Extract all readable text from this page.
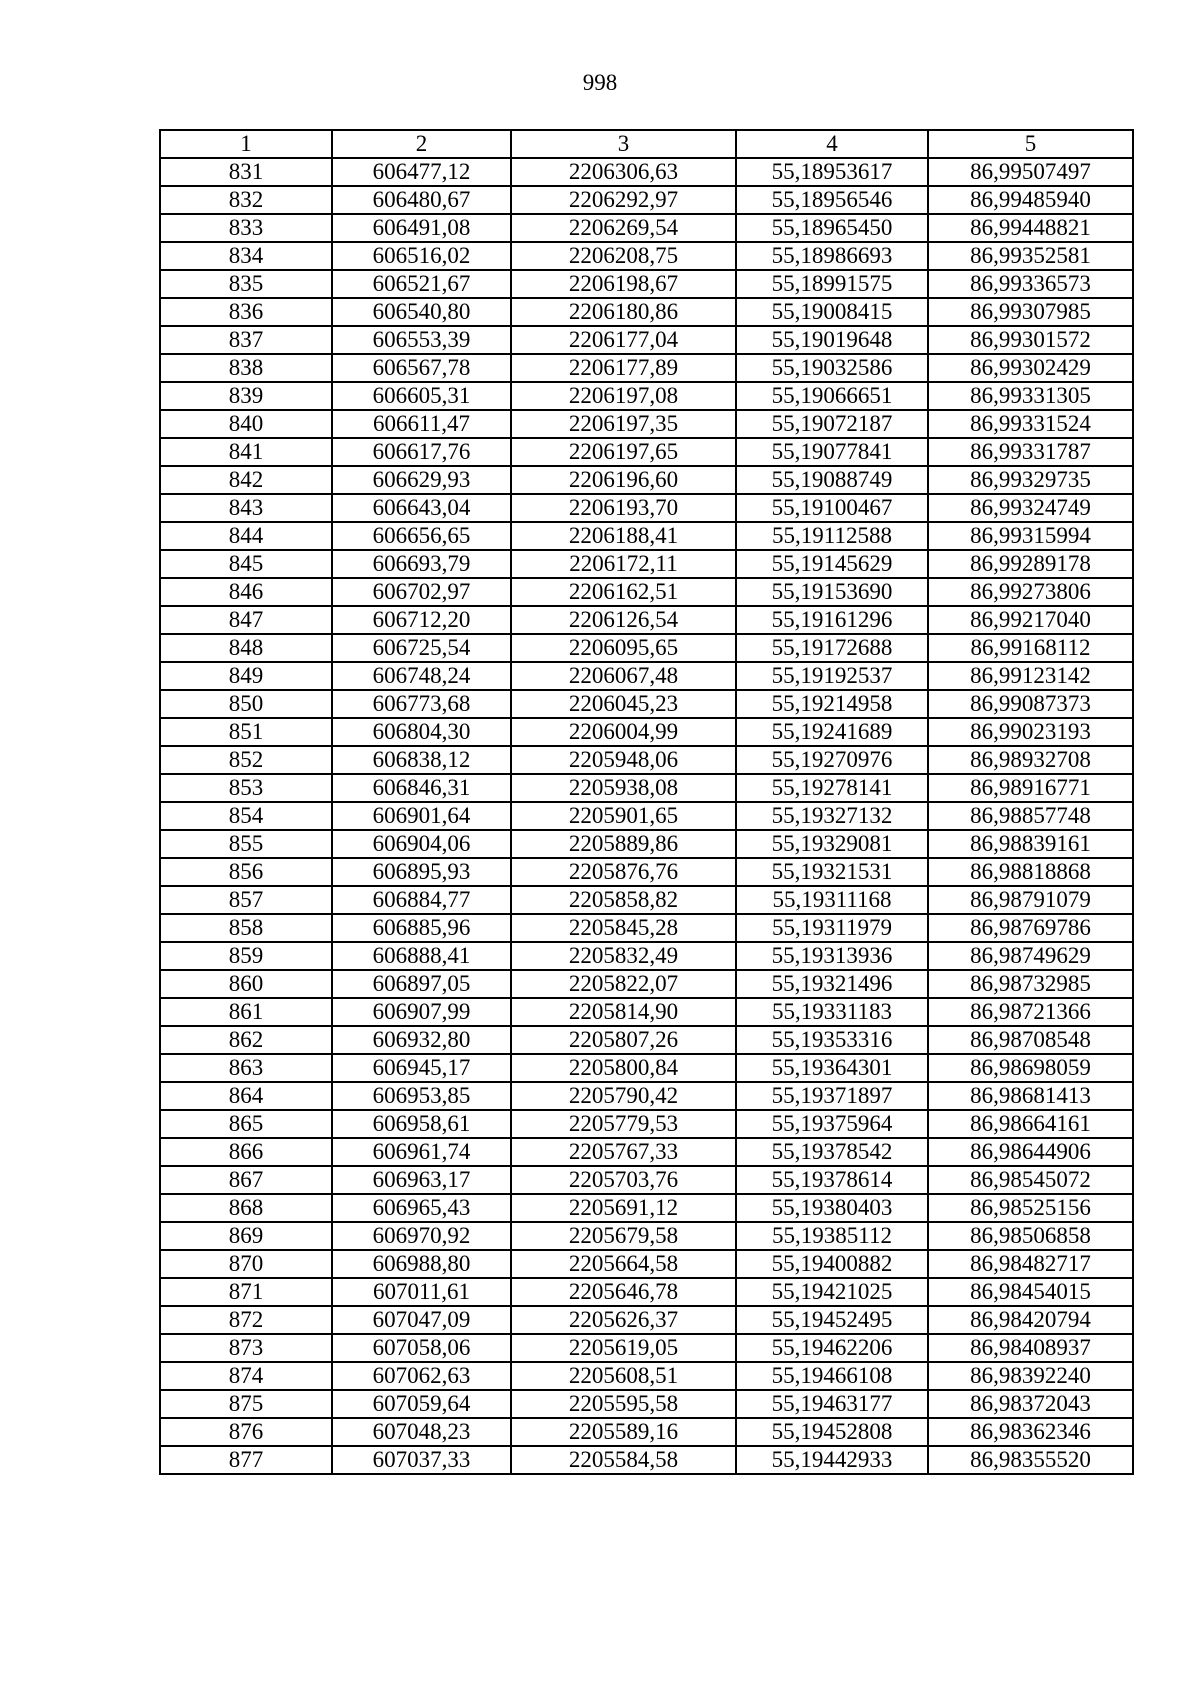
998
1	2	3	4	5
831	606477,12	2206306,63	55,18953617	86,99507497
832	606480,67	2206292,97	55,18956546	86,99485940
833	606491,08	2206269,54	55,18965450	86,99448821
834	606516,02	2206208,75	55,18986693	86,99352581
835	606521,67	2206198,67	55,18991575	86,99336573
836	606540,80	2206180,86	55,19008415	86,99307985
837	606553,39	2206177,04	55,19019648	86,99301572
838	606567,78	2206177,89	55,19032586	86,99302429
839	606605,31	2206197,08	55,19066651	86,99331305
840	606611,47	2206197,35	55,19072187	86,99331524
841	606617,76	2206197,65	55,19077841	86,99331787
842	606629,93	2206196,60	55,19088749	86,99329735
843	606643,04	2206193,70	55,19100467	86,99324749
844	606656,65	2206188,41	55,19112588	86,99315994
845	606693,79	2206172,11	55,19145629	86,99289178
846	606702,97	2206162,51	55,19153690	86,99273806
847	606712,20	2206126,54	55,19161296	86,99217040
848	606725,54	2206095,65	55,19172688	86,99168112
849	606748,24	2206067,48	55,19192537	86,99123142
850	606773,68	2206045,23	55,19214958	86,99087373
851	606804,30	2206004,99	55,19241689	86,99023193
852	606838,12	2205948,06	55,19270976	86,98932708
853	606846,31	2205938,08	55,19278141	86,98916771
854	606901,64	2205901,65	55,19327132	86,98857748
855	606904,06	2205889,86	55,19329081	86,98839161
856	606895,93	2205876,76	55,19321531	86,98818868
857	606884,77	2205858,82	55,19311168	86,98791079
858	606885,96	2205845,28	55,19311979	86,98769786
859	606888,41	2205832,49	55,19313936	86,98749629
860	606897,05	2205822,07	55,19321496	86,98732985
861	606907,99	2205814,90	55,19331183	86,98721366
862	606932,80	2205807,26	55,19353316	86,98708548
863	606945,17	2205800,84	55,19364301	86,98698059
864	606953,85	2205790,42	55,19371897	86,98681413
865	606958,61	2205779,53	55,19375964	86,98664161
866	606961,74	2205767,33	55,19378542	86,98644906
867	606963,17	2205703,76	55,19378614	86,98545072
868	606965,43	2205691,12	55,19380403	86,98525156
869	606970,92	2205679,58	55,19385112	86,98506858
870	606988,80	2205664,58	55,19400882	86,98482717
871	607011,61	2205646,78	55,19421025	86,98454015
872	607047,09	2205626,37	55,19452495	86,98420794
873	607058,06	2205619,05	55,19462206	86,98408937
874	607062,63	2205608,51	55,19466108	86,98392240
875	607059,64	2205595,58	55,19463177	86,98372043
876	607048,23	2205589,16	55,19452808	86,98362346
877	607037,33	2205584,58	55,19442933	86,98355520
